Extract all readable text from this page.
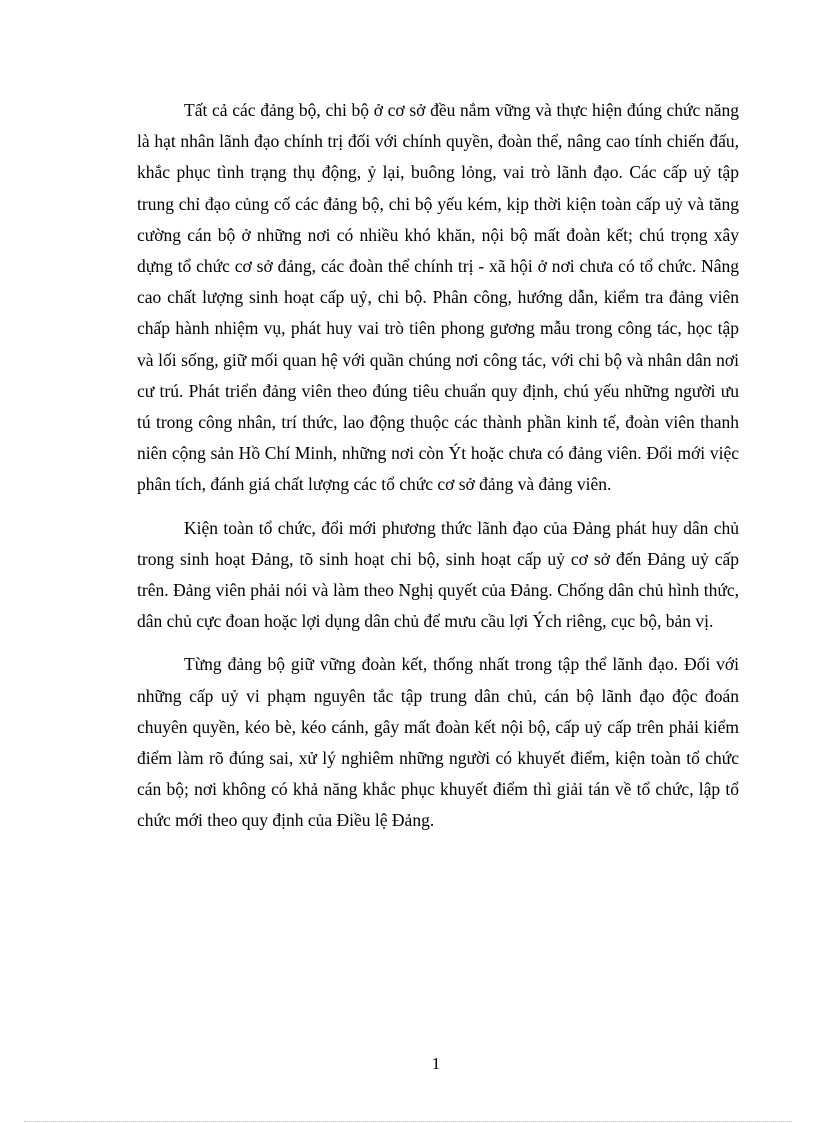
Tất cả các đảng bộ, chi bộ ở cơ sở đều nắm vững và thực hiện đúng chức năng là hạt nhân lãnh đạo chính trị đối với chính quyền, đoàn thể, nâng cao tính chiến đấu, khắc phục tình trạng thụ động, ỷ lại, buông lỏng, vai trò lãnh đạo. Các cấp uỷ tập trung chỉ đạo củng cố các đảng bộ, chi bộ yếu kém, kịp thời kiện toàn cấp uỷ và tăng cường cán bộ ở những nơi có nhiều khó khăn, nội bộ mất đoàn kết; chú trọng xây dựng tổ chức cơ sở đảng, các đoàn thể chính trị - xã hội ở nơi chưa có tổ chức. Nâng cao chất lượng sinh hoạt cấp uỷ, chi bộ. Phân công, hướng dẫn, kiểm tra đảng viên chấp hành nhiệm vụ, phát huy vai trò tiên phong gương mẫu trong công tác, học tập và lối sống, giữ mối quan hệ với quần chúng nơi công tác, với chi bộ và nhân dân nơi cư trú. Phát triển đảng viên theo đúng tiêu chuẩn quy định, chú yếu những người ưu tú trong công nhân, trí thức, lao động thuộc các thành phần kinh tế, đoàn viên thanh niên cộng sản Hồ Chí Minh, những nơi còn Ýt hoặc chưa có đảng viên. Đổi mới việc phân tích, đánh giá chất lượng các tổ chức cơ sở đảng và đảng viên.

Kiện toàn tổ chức, đổi mới phương thức lãnh đạo của Đảng phát huy dân chủ trong sinh hoạt Đảng, tõ sinh hoạt chi bộ, sinh hoạt cấp uỷ cơ sở đến Đảng uỷ cấp trên. Đảng viên phải nói và làm theo Nghị quyết của Đảng. Chống dân chủ hình thức, dân chủ cực đoan hoặc lợi dụng dân chủ để mưu cầu lợi Ých riêng, cục bộ, bản vị.

Từng đảng bộ giữ vững đoàn kết, thống nhất trong tập thể lãnh đạo. Đối với những cấp uỷ vi phạm nguyên tắc tập trung dân chủ, cán bộ lãnh đạo độc đoán chuyên quyền, kéo bè, kéo cánh, gây mất đoàn kết nội bộ, cấp uỷ cấp trên phải kiểm điểm làm rõ đúng sai, xử lý nghiêm những người có khuyết điểm, kiện toàn tổ chức cán bộ; nơi không có khả năng khắc phục khuyết điểm thì giải tán về tổ chức, lập tổ chức mới theo quy định của Điều lệ Đảng.

1
